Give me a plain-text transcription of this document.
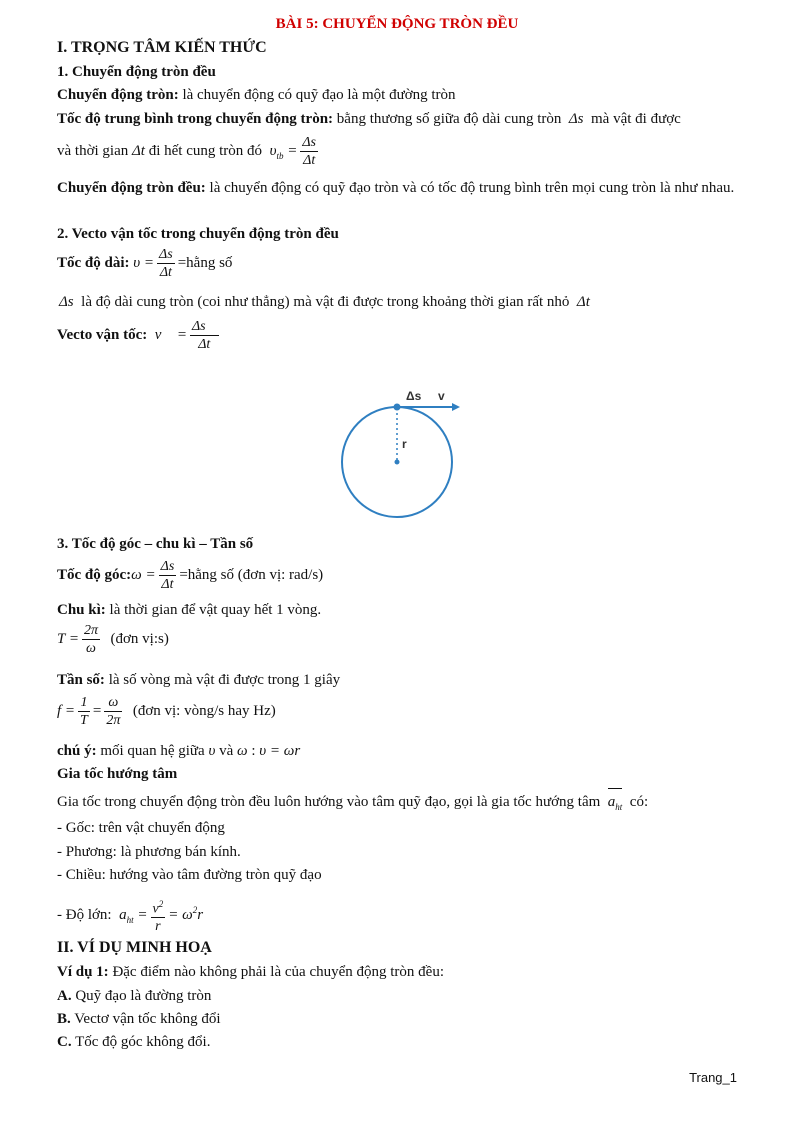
BÀI 5: CHUYỂN ĐỘNG TRÒN ĐỀU
I. TRỌNG TÂM KIẾN THỨC
1. Chuyển động tròn đều
Chuyển động tròn: là chuyển động có quỹ đạo là một đường tròn
Tốc độ trung bình trong chuyển động tròn: bằng thương số giữa độ dài cung tròn Δs mà vật đi được
và thời gian Δt đi hết cung tròn đó $\upsilon_{tb} = \frac{\Delta s}{\Delta t}$
Chuyển động tròn đều: là chuyển động có quỹ đạo tròn và có tốc độ trung bình trên mọi cung tròn là như nhau.
2. Vecto vận tốc trong chuyển động tròn đều
Tốc độ dài: $\upsilon = \frac{\Delta s}{\Delta t}$ =hằng số
Δs là độ dài cung tròn (coi như thẳng) mà vật đi được trong khoảng thời gian rất nhỏ Δt
Vecto vận tốc: v⃗ = $\frac{\Delta s⃗}{\Delta t}$
Δs v
r
3. Tốc độ góc – chu kì – Tần số
Tốc độ góc:ω = $\frac{\Delta s}{\Delta t}$ =hằng số (đơn vị: rad/s)
Chu kì: là thời gian để vật quay hết 1 vòng.
$T = \frac{2\pi}{\omega}$ (đơn vị:s)
Tần số: là số vòng mà vật đi được trong 1 giây
$f = \frac{1}{T} = \frac{\omega}{2\pi}$ (đơn vị: vòng/s hay Hz)
chú ý: mối quan hệ giữa υ và ω : υ = ωr
Gia tốc hướng tâm
Gia tốc trong chuyển động tròn đều luôn hướng vào tâm quỹ đạo, gọi là gia tốc hướng tâm $a_{ht}$ có:
- Gốc: trên vật chuyển động
- Phương: là phương bán kính.
- Chiều: hướng vào tâm đường tròn quỹ đạo
- Độ lớn: $a_{ht} = \frac{v^2}{r} = \omega^2r$
II. VÍ DỤ MINH HOẠ
Ví dụ 1: Đặc điểm nào không phải là của chuyển động tròn đều:
A. Quỹ đạo là đường tròn
B. Vectơ vận tốc không đổi
C. Tốc độ góc không đổi.
Trang_1
